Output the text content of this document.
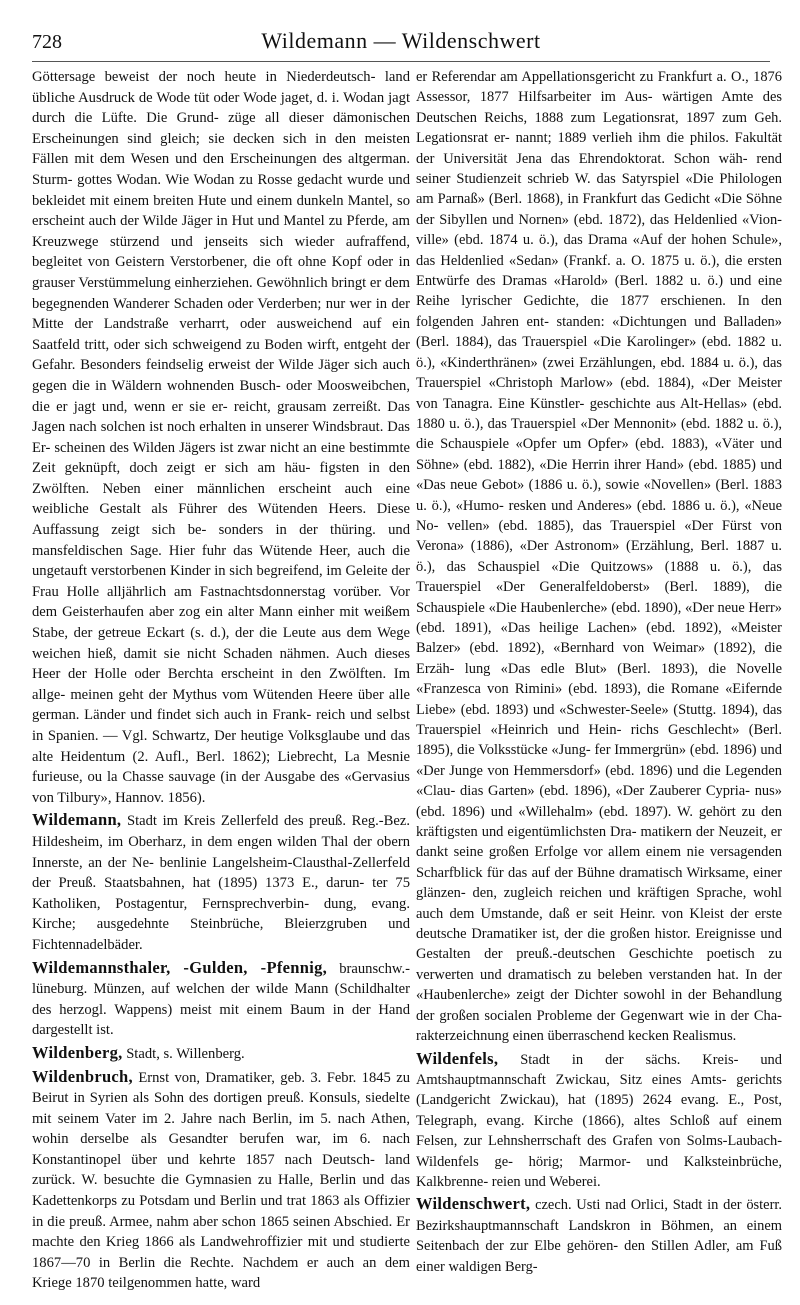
728	Wildemann — Wildenschwert

Göttersage beweist der noch heute in Niederdeutsch- land übliche Ausdruck de Wode tüt oder Wode jaget, d. i. Wodan jagt durch die Lüfte. Die Grund- züge all dieser dämonischen Erscheinungen sind gleich; sie decken sich in den meisten Fällen mit dem Wesen und den Erscheinungen des altgerman. Sturm- gottes Wodan. Wie Wodan zu Rosse gedacht wurde und bekleidet mit einem breiten Hute und einem dunkeln Mantel, so erscheint auch der Wilde Jäger in Hut und Mantel zu Pferde, am Kreuzwege stürzend und jenseits sich wieder aufraffend, begleitet von Geistern Verstorbener, die oft ohne Kopf oder in grauser Verstümmelung einherziehen. Gewöhnlich bringt er dem begegnenden Wanderer Schaden oder Verderben; nur wer in der Mitte der Landstraße verharrt, oder ausweichend auf ein Saatfeld tritt, oder sich schweigend zu Boden wirft, entgeht der Gefahr. Besonders feindselig erweist der Wilde Jäger sich auch gegen die in Wäldern wohnenden Busch- oder Moosweibchen, die er jagt und, wenn er sie er- reicht, grausam zerreißt. Das Jagen nach solchen ist noch erhalten in unserer Windsbraut. Das Er- scheinen des Wilden Jägers ist zwar nicht an eine bestimmte Zeit geknüpft, doch zeigt er sich am häu- figsten in den Zwölften. Neben einer männlichen erscheint auch eine weibliche Gestalt als Führer des Wütenden Heers. Diese Auffassung zeigt sich be- sonders in der thüring. und mansfeldischen Sage. Hier fuhr das Wütende Heer, auch die ungetauft verstorbenen Kinder in sich begreifend, im Geleite der Frau Holle alljährlich am Fastnachtsdonnerstag vorüber. Vor dem Geisterhaufen aber zog ein alter Mann einher mit weißem Stabe, der getreue Eckart (s. d.), der die Leute aus dem Wege weichen hieß, damit sie nicht Schaden nähmen. Auch dieses Heer der Holle oder Berchta erscheint in den Zwölften. Im allge- meinen geht der Mythus vom Wütenden Heere über alle german. Länder und findet sich auch in Frank- reich und selbst in Spanien. — Vgl. Schwartz, Der heutige Volksglaube und das alte Heidentum (2. Aufl., Berl. 1862); Liebrecht, La Mesnie furieuse, ou la Chasse sauvage (in der Ausgabe des «Gervasius von Tilbury», Hannov. 1856).

Wildemann, Stadt im Kreis Zellerfeld des preuß. Reg.-Bez. Hildesheim, im Oberharz, in dem engen wilden Thal der obern Innerste, an der Ne- benlinie Langelsheim-Clausthal-Zellerfeld der Preuß. Staatsbahnen, hat (1895) 1373 E., darun- ter 75 Katholiken, Postagentur, Fernsprechverbin- dung, evang. Kirche; ausgedehnte Steinbrüche, Bleierzgruben und Fichtennadelbäder.

Wildemannsthaler, -Gulden, -Pfennig, braunschw.-lüneburg. Münzen, auf welchen der wilde Mann (Schildhalter des herzogl. Wappens) meist mit einem Baum in der Hand dargestellt ist.

Wildenberg, Stadt, s. Willenberg.

Wildenbruch, Ernst von, Dramatiker, geb. 3. Febr. 1845 zu Beirut in Syrien als Sohn des dortigen preuß. Konsuls, siedelte mit seinem Vater im 2. Jahre nach Berlin, im 5. nach Athen, wohin derselbe als Gesandter berufen war, im 6. nach Konstantinopel über und kehrte 1857 nach Deutsch- land zurück. W. besuchte die Gymnasien zu Halle, Berlin und das Kadettenkorps zu Potsdam und Berlin und trat 1863 als Offizier in die preuß. Armee, nahm aber schon 1865 seinen Abschied. Er machte den Krieg 1866 als Landwehroffizier mit und studierte 1867—70 in Berlin die Rechte. Nachdem er auch an dem Kriege 1870 teilgenommen hatte, ward

er Referendar am Appellationsgericht zu Frankfurt a. O., 1876 Assessor, 1877 Hilfsarbeiter im Aus- wärtigen Amte des Deutschen Reichs, 1888 zum Legationsrat, 1897 zum Geh. Legationsrat er- nannt; 1889 verlieh ihm die philos. Fakultät der Universität Jena das Ehrendoktorat. Schon wäh- rend seiner Studienzeit schrieb W. das Satyrspiel «Die Philologen am Parnaß» (Berl. 1868), in Frankfurt das Gedicht «Die Söhne der Sibyllen und Nornen» (ebd. 1872), das Heldenlied «Vion- ville» (ebd. 1874 u. ö.), das Drama «Auf der hohen Schule», das Heldenlied «Sedan» (Frankf. a. O. 1875 u. ö.), die ersten Entwürfe des Dramas «Harold» (Berl. 1882 u. ö.) und eine Reihe lyrischer Gedichte, die 1877 erschienen. In den folgenden Jahren ent- standen: «Dichtungen und Balladen» (Berl. 1884), das Trauerspiel «Die Karolinger» (ebd. 1882 u. ö.), «Kinderthränen» (zwei Erzählungen, ebd. 1884 u. ö.), das Trauerspiel «Christoph Marlow» (ebd. 1884), «Der Meister von Tanagra. Eine Künstler- geschichte aus Alt-Hellas» (ebd. 1880 u. ö.), das Trauerspiel «Der Mennonit» (ebd. 1882 u. ö.), die Schauspiele «Opfer um Opfer» (ebd. 1883), «Väter und Söhne» (ebd. 1882), «Die Herrin ihrer Hand» (ebd. 1885) und «Das neue Gebot» (1886 u. ö.), sowie «Novellen» (Berl. 1883 u. ö.), «Humo- resken und Anderes» (ebd. 1886 u. ö.), «Neue No- vellen» (ebd. 1885), das Trauerspiel «Der Fürst von Verona» (1886), «Der Astronom» (Erzählung, Berl. 1887 u. ö.), das Schauspiel «Die Quitzows» (1888 u. ö.), das Trauerspiel «Der Generalfeldoberst» (Berl. 1889), die Schauspiele «Die Haubenlerche» (ebd. 1890), «Der neue Herr» (ebd. 1891), «Das heilige Lachen» (ebd. 1892), «Meister Balzer» (ebd. 1892), «Bernhard von Weimar» (1892), die Erzäh- lung «Das edle Blut» (Berl. 1893), die Novelle «Franzesca von Rimini» (ebd. 1893), die Romane «Eifernde Liebe» (ebd. 1893) und «Schwester-Seele» (Stuttg. 1894), das Trauerspiel «Heinrich und Hein- richs Geschlecht» (Berl. 1895), die Volksstücke «Jung- fer Immergrün» (ebd. 1896) und «Der Junge von Hemmersdorf» (ebd. 1896) und die Legenden «Clau- dias Garten» (ebd. 1896), «Der Zauberer Cypria- nus» (ebd. 1896) und «Willehalm» (ebd. 1897). W. gehört zu den kräftigsten und eigentümlichsten Dra- matikern der Neuzeit, er dankt seine großen Erfolge vor allem einem nie versagenden Scharfblick für das auf der Bühne dramatisch Wirksame, einer glänzen- den, zugleich reichen und kräftigen Sprache, wohl auch dem Umstande, daß er seit Heinr. von Kleist der erste deutsche Dramatiker ist, der die großen histor. Ereignisse und Gestalten der preuß.-deutschen Geschichte poetisch zu verwerten und dramatisch zu beleben verstanden hat. In der «Haubenlerche» zeigt der Dichter sowohl in der Behandlung der großen socialen Probleme der Gegenwart wie in der Cha- rakterzeichnung einen überraschend kecken Realismus.

Wildenfels, Stadt in der sächs. Kreis- und Amtshauptmannschaft Zwickau, Sitz eines Amts- gerichts (Landgericht Zwickau), hat (1895) 2624 evang. E., Post, Telegraph, evang. Kirche (1866), altes Schloß auf einem Felsen, zur Lehnsherrschaft des Grafen von Solms-Laubach-Wildenfels ge- hörig; Marmor- und Kalksteinbrüche, Kalkbrenne- reien und Weberei.

Wildenschwert, czech. Usti nad Orlici, Stadt in der österr. Bezirkshauptmannschaft Landskron in Böhmen, an einem Seitenbach der zur Elbe gehören- den Stillen Adler, am Fuß einer waldigen Berg-
